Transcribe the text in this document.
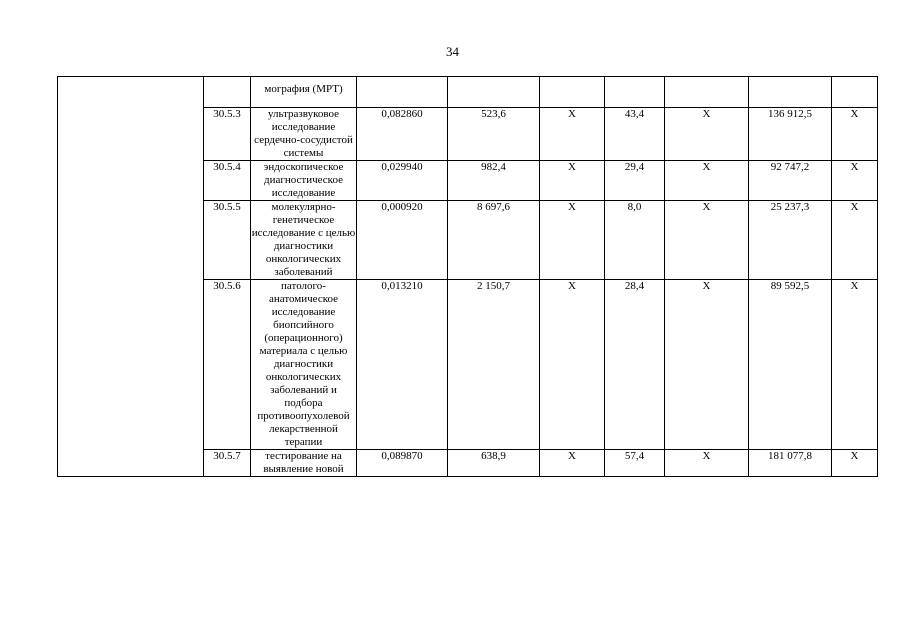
34
		мография (МРТ)							
	30.5.3	ультразвуковое исследование сердечно-сосудистой системы	0,082860	523,6	Х	43,4	Х	136 912,5	Х
	30.5.4	эндоскопическое диагностическое исследование	0,029940	982,4	Х	29,4	Х	92 747,2	Х
	30.5.5	молекулярно-генетическое исследование с целью диагностики онкологических заболеваний	0,000920	8 697,6	Х	8,0	Х	25 237,3	Х
	30.5.6	патолого-анатомическое исследование биопсийного (операционного) материала с целью диагностики онкологических заболеваний и подбора противоопухолевой лекарственной терапии	0,013210	2 150,7	Х	28,4	Х	89 592,5	Х
	30.5.7	тестирование на выявление новой	0,089870	638,9	Х	57,4	Х	181 077,8	Х
